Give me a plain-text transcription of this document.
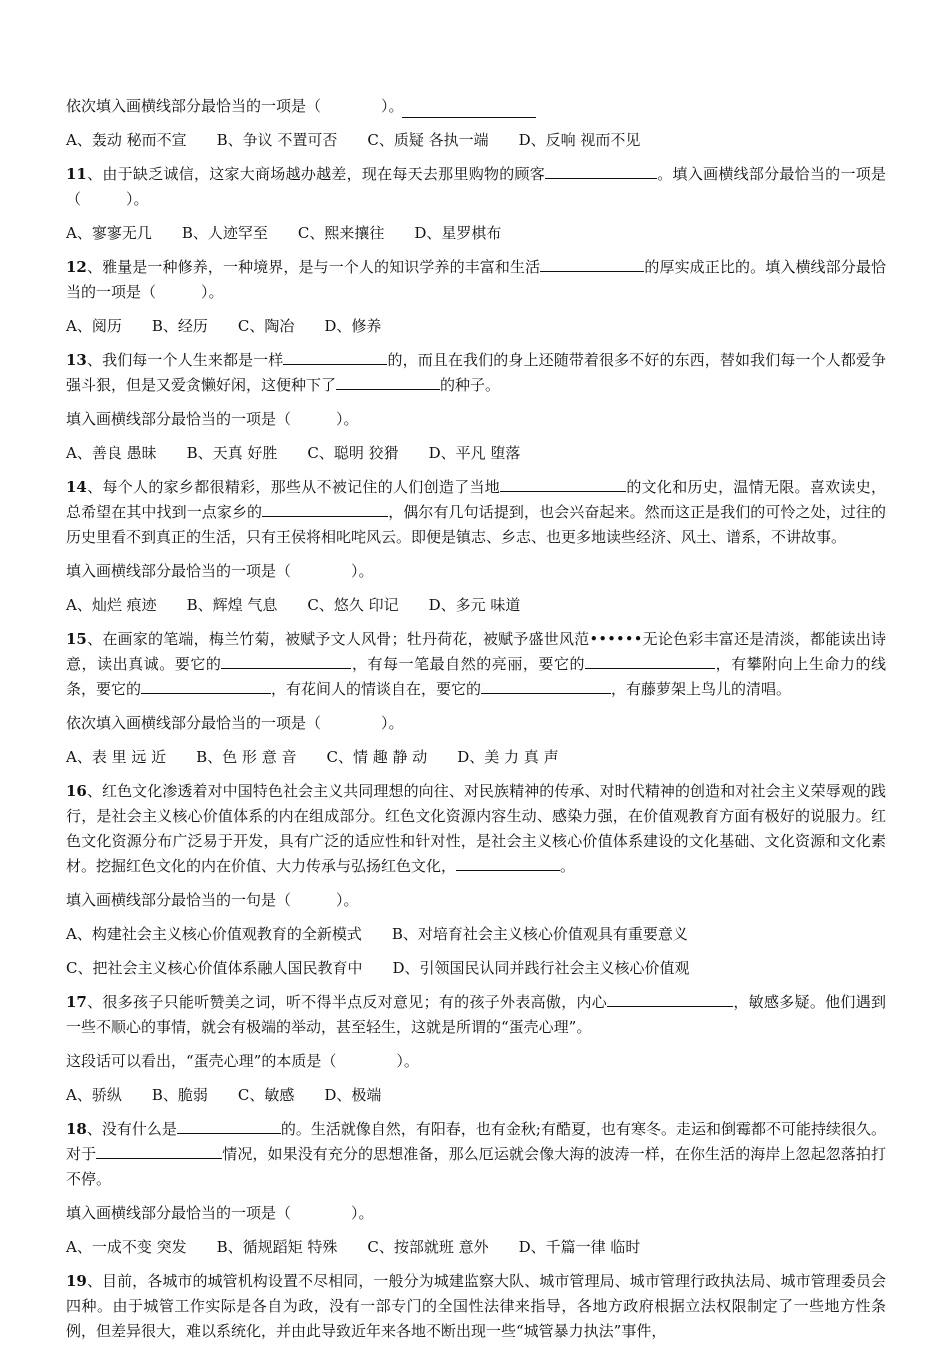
依次填入画横线部分最恰当的一项是（　　　　）。

A、轰动 秘而不宣　　B、争议 不置可否　　C、质疑 各执一端　　D、反响 视而不见

11、由于缺乏诚信，这家大商场越办越差，现在每天去那里购物的顾客	。填入画横线部分最恰当的一项是（　　　）。

A、寥寥无几　　B、人迹罕至　　C、熙来攘往　　D、星罗棋布

12、雅量是一种修养，一种境界，是与一个人的知识学养的丰富和生活	的厚实成正比的。填入横线部分最恰当的一项是（　　　）。

A、阅历　　B、经历　　C、陶冶　　D、修养

13、我们每一个人生来都是一样	的，而且在我们的身上还随带着很多不好的东西，替如我们每一个人都爱争强斗狠，但是又爱贪懒好闲，这便种下了	的种子。

填入画横线部分最恰当的一项是（　　　）。

A、善良 愚昧　　B、天真 好胜　　C、聪明 狡猾　　D、平凡 堕落

14、每个人的家乡都很精彩，那些从不被记住的人们创造了当地	的文化和历史，温情无限。喜欢读史，总希望在其中找到一点家乡的	，偶尔有几句话提到，也会兴奋起来。然而这正是我们的可怜之处，过往的历史里看不到真正的生活，只有王侯将相叱咤风云。即便是镇志、乡志、也更多地读些经济、风土、谱系，不讲故事。

填入画横线部分最恰当的一项是（　　　　）。

A、灿烂 痕迹　　B、辉煌 气息　　C、悠久 印记　　D、多元 味道

15、在画家的笔端，梅兰竹菊，被赋予文人风骨；牡丹荷花，被赋予盛世风范••••••无论色彩丰富还是清淡，都能读出诗意，读出真诚。要它的	，有每一笔最自然的亮丽，要它的	，有攀附向上生命力的线条，要它的	，有花间人的情谈自在，要它的	，有藤萝架上鸟儿的清唱。

依次填入画横线部分最恰当的一项是（　　　　）。

A、表 里 远 近　　B、色 形 意 音　　C、情 趣 静 动　　D、美 力 真 声

16、红色文化渗透着对中国特色社会主义共同理想的向往、对民族精神的传承、对时代精神的创造和对社会主义荣辱观的践行，是社会主义核心价值体系的内在组成部分。红色文化资源内容生动、感染力强，在价值观教育方面有极好的说服力。红色文化资源分布广泛易于开发，具有广泛的适应性和针对性，是社会主义核心价值体系建设的文化基础、文化资源和文化素材。挖掘红色文化的内在价值、大力传承与弘扬红色文化，	。

填入画横线部分最恰当的一句是（　　　）。

A、构建社会主义核心价值观教育的全新模式　　B、对培育社会主义核心价值观具有重要意义

C、把社会主义核心价值体系融人国民教育中　　D、引领国民认同并践行社会主义核心价值观

17、很多孩子只能听赞美之词，听不得半点反对意见；有的孩子外表高傲，内心	，敏感多疑。他们遇到一些不顺心的事情，就会有极端的举动，甚至轻生，这就是所谓的“蛋壳心理”。

这段话可以看出，“蛋壳心理”的本质是（　　　　）。

A、骄纵　　B、脆弱　　C、敏感　　D、极端

18、没有什么是	的。生活就像自然，有阳春，也有金秋;有酷夏，也有寒冬。走运和倒霉都不可能持续很久。对于	情况，如果没有充分的思想准备，那么厄运就会像大海的波涛一样，在你生活的海岸上忽起忽落拍打不停。

填入画横线部分最恰当的一项是（　　　　）。

A、一成不变 突发　　B、循规蹈矩 特殊　　C、按部就班 意外　　D、千篇一律 临时

19、目前，各城市的城管机构设置不尽相同，一般分为城建监察大队、城市管理局、城市管理行政执法局、城市管理委员会四种。由于城管工作实际是各自为政，没有一部专门的全国性法律来指导，各地方政府根据立法权限制定了一些地方性条例，但差异很大，难以系统化，并由此导致近年来各地不断出现一些“城管暴力执法”事件，
